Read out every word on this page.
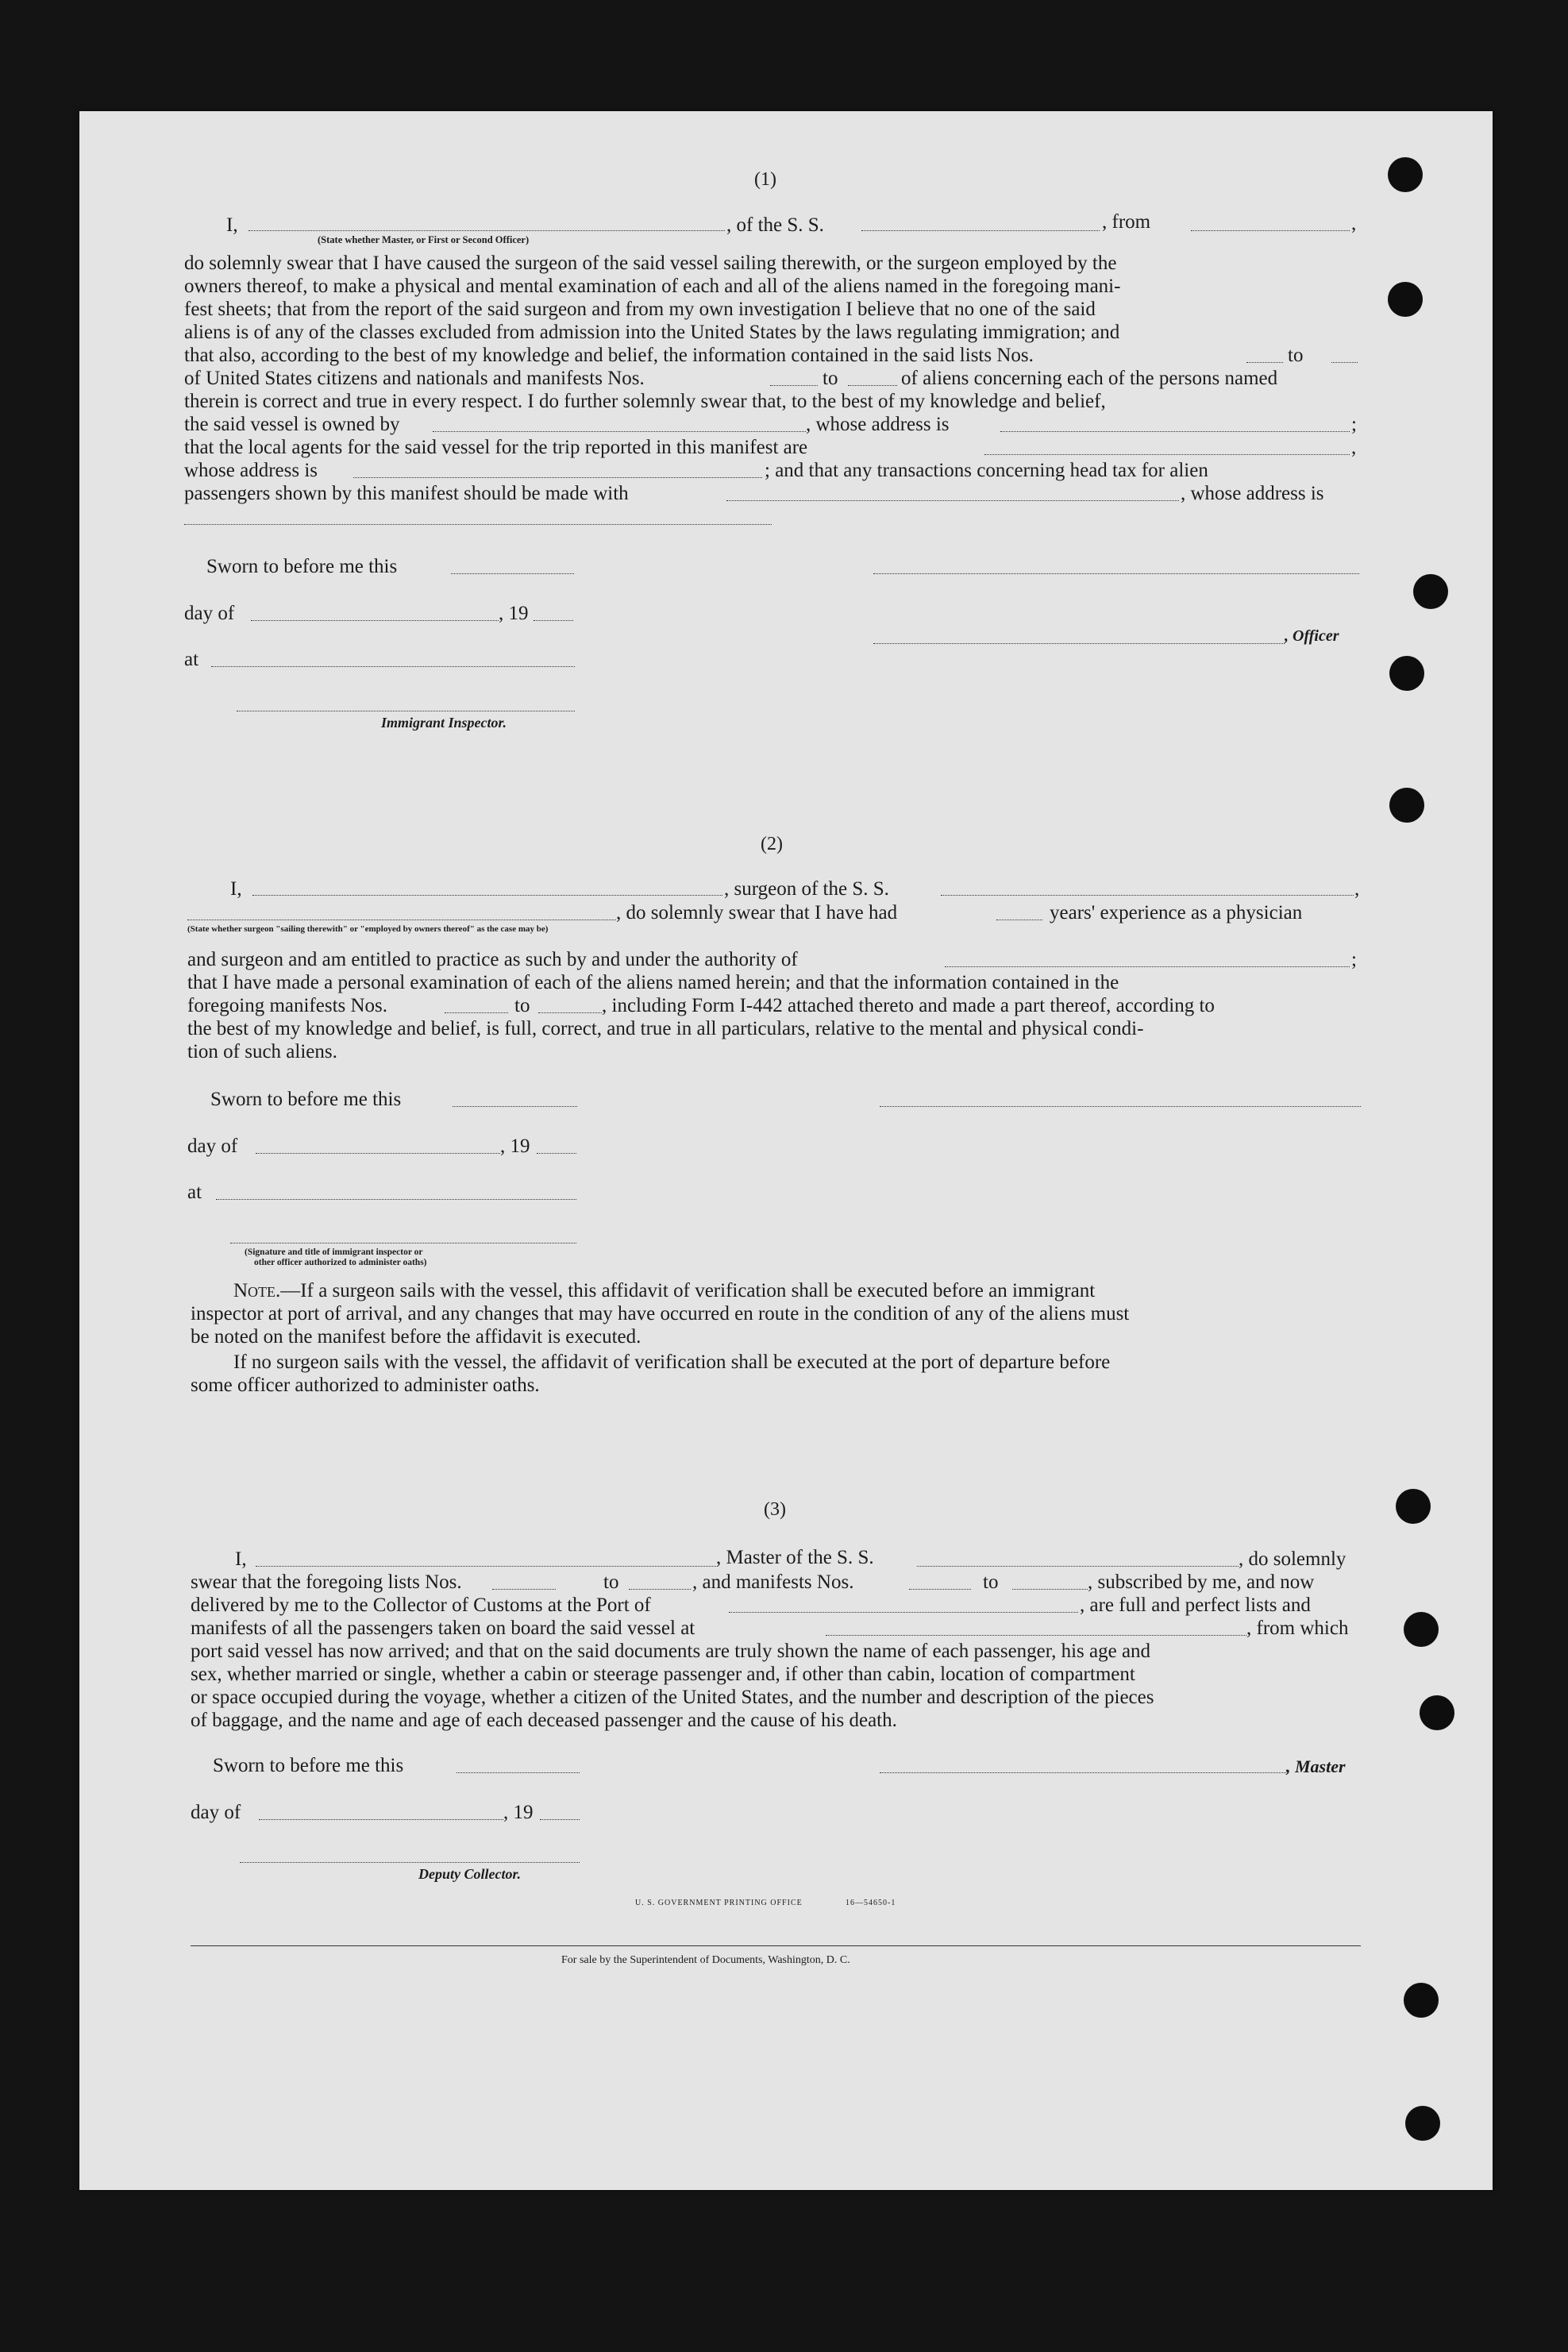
(1)
I,	, of the S. S.	, from	,
(State whether Master, or First or Second Officer)
do solemnly swear that I have caused the surgeon of the said vessel sailing therewith, or the surgeon employed by the
owners thereof, to make a physical and mental examination of each and all of the aliens named in the foregoing mani-
fest sheets; that from the report of the said surgeon and from my own investigation I believe that no one of the said
aliens is of any of the classes excluded from admission into the United States by the laws regulating immigration; and
that also, according to the best of my knowledge and belief, the information contained in the said lists Nos.	to
of United States citizens and nationals and manifests Nos.	to	of aliens concerning each of the persons named
therein is correct and true in every respect. I do further solemnly swear that, to the best of my knowledge and belief,
the said vessel is owned by	, whose address is	;
that the local agents for the said vessel for the trip reported in this manifest are	,
whose address is	; and that any transactions concerning head tax for alien
passengers shown by this manifest should be made with	, whose address is
Sworn to before me this
day of	, 19
at
, Officer
Immigrant Inspector.
(2)
I,	, surgeon of the S. S.	,
, do solemnly swear that I have had	years' experience as a physician
(State whether surgeon "sailing therewith" or "employed by owners thereof" as the case may be)
and surgeon and am entitled to practice as such by and under the authority of	;
that I have made a personal examination of each of the aliens named herein; and that the information contained in the
foregoing manifests Nos.	to	, including Form I-442 attached thereto and made a part thereof, according to
the best of my knowledge and belief, is full, correct, and true in all particulars, relative to the mental and physical condi-
tion of such aliens.
Sworn to before me this
day of	, 19
at
(Signature and title of immigrant inspector or
other officer authorized to administer oaths)
Note.—If a surgeon sails with the vessel, this affidavit of verification shall be executed before an immigrant
inspector at port of arrival, and any changes that may have occurred en route in the condition of any of the aliens must
be noted on the manifest before the affidavit is executed.
If no surgeon sails with the vessel, the affidavit of verification shall be executed at the port of departure before
some officer authorized to administer oaths.
(3)
I,	, Master of the S. S.	, do solemnly
swear that the foregoing lists Nos.	to	, and manifests Nos.	to	, subscribed by me, and now
delivered by me to the Collector of Customs at the Port of	, are full and perfect lists and
manifests of all the passengers taken on board the said vessel at	, from which
port said vessel has now arrived; and that on the said documents are truly shown the name of each passenger, his age and
sex, whether married or single, whether a cabin or steerage passenger and, if other than cabin, location of compartment
or space occupied during the voyage, whether a citizen of the United States, and the number and description of the pieces
of baggage, and the name and age of each deceased passenger and the cause of his death.
Sworn to before me this	, Master
day of	, 19
Deputy Collector.
U. S. GOVERNMENT PRINTING OFFICE	16—54650-1
For sale by the Superintendent of Documents, Washington, D. C.
